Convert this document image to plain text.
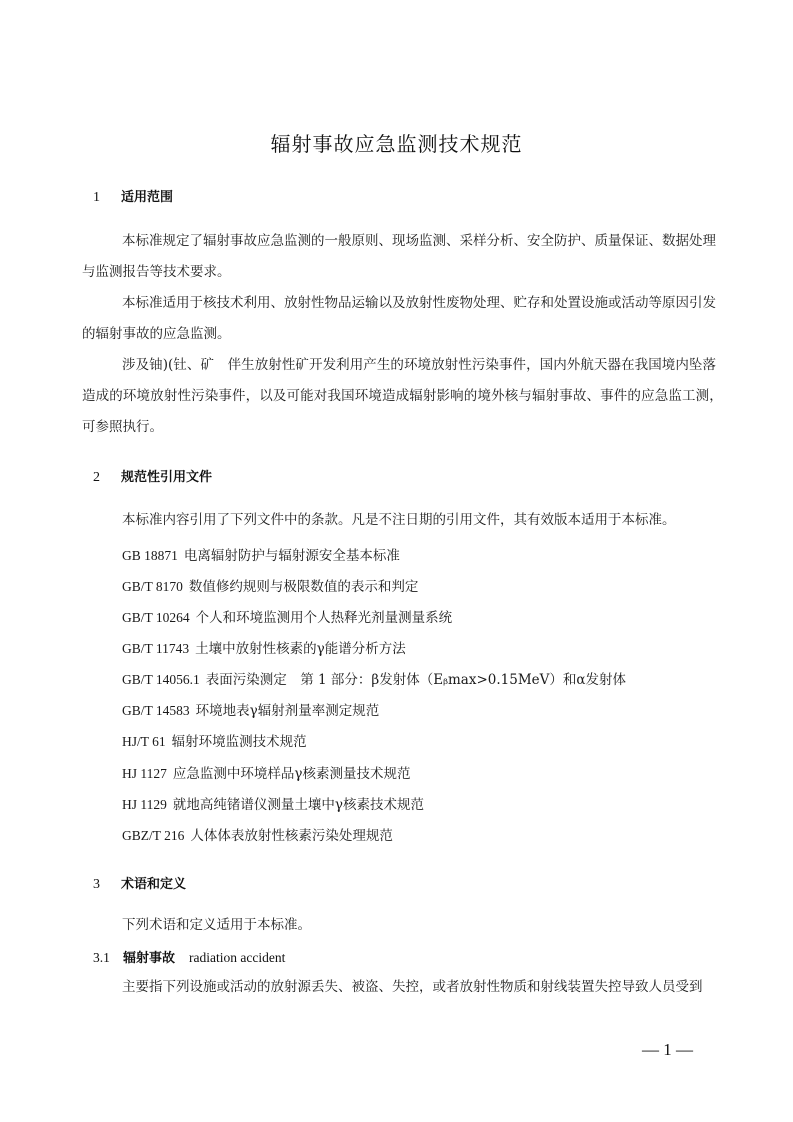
辐射事故应急监测技术规范
1 适用范围
本标准规定了辐射事故应急监测的一般原则、现场监测、采样分析、安全防护、质量保证、数据处理与监测报告等技术要求。
本标准适用于核技术利用、放射性物品运输以及放射性废物处理、贮存和处置设施或活动等原因引发的辐射事故的应急监测。
涉及铀)(钍、矿　伴生放射性矿开发利用产生的环境放射性污染事件，国内外航天器在我国境内坠落造成的环境放射性污染事件，以及可能对我国环境造成辐射影响的境外核与辐射事故、事件的应急监工测，　　可参照执行。
2 规范性引用文件
本标准内容引用了下列文件中的条款。凡是不注日期的引用文件，其有效版本适用于本标准。
GB 18871 电离辐射防护与辐射源安全基本标准
GB/T 8170 数值修约规则与极限数值的表示和判定
GB/T 10264 个人和环境监测用个人热释光剂量测量系统
GB/T 11743 土壤中放射性核素的γ能谱分析方法
GB/T 14056.1 表面污染测定　第 1 部分：β发射体（Eᵦmax>0.15MeV）和α发射体
GB/T 14583 环境地表γ辐射剂量率测定规范
HJ/T 61 辐射环境监测技术规范
HJ 1127 应急监测中环境样品γ核素测量技术规范
HJ 1129 就地高纯锗谱仪测量土壤中γ核素技术规范
GBZ/T 216 人体体表放射性核素污染处理规范
3 术语和定义
下列术语和定义适用于本标准。
3.1 辐射事故 radiation accident
主要指下列设施或活动的放射源丢失、被盗、失控，或者放射性物质和射线装置失控导致人员受到
— 1 —
